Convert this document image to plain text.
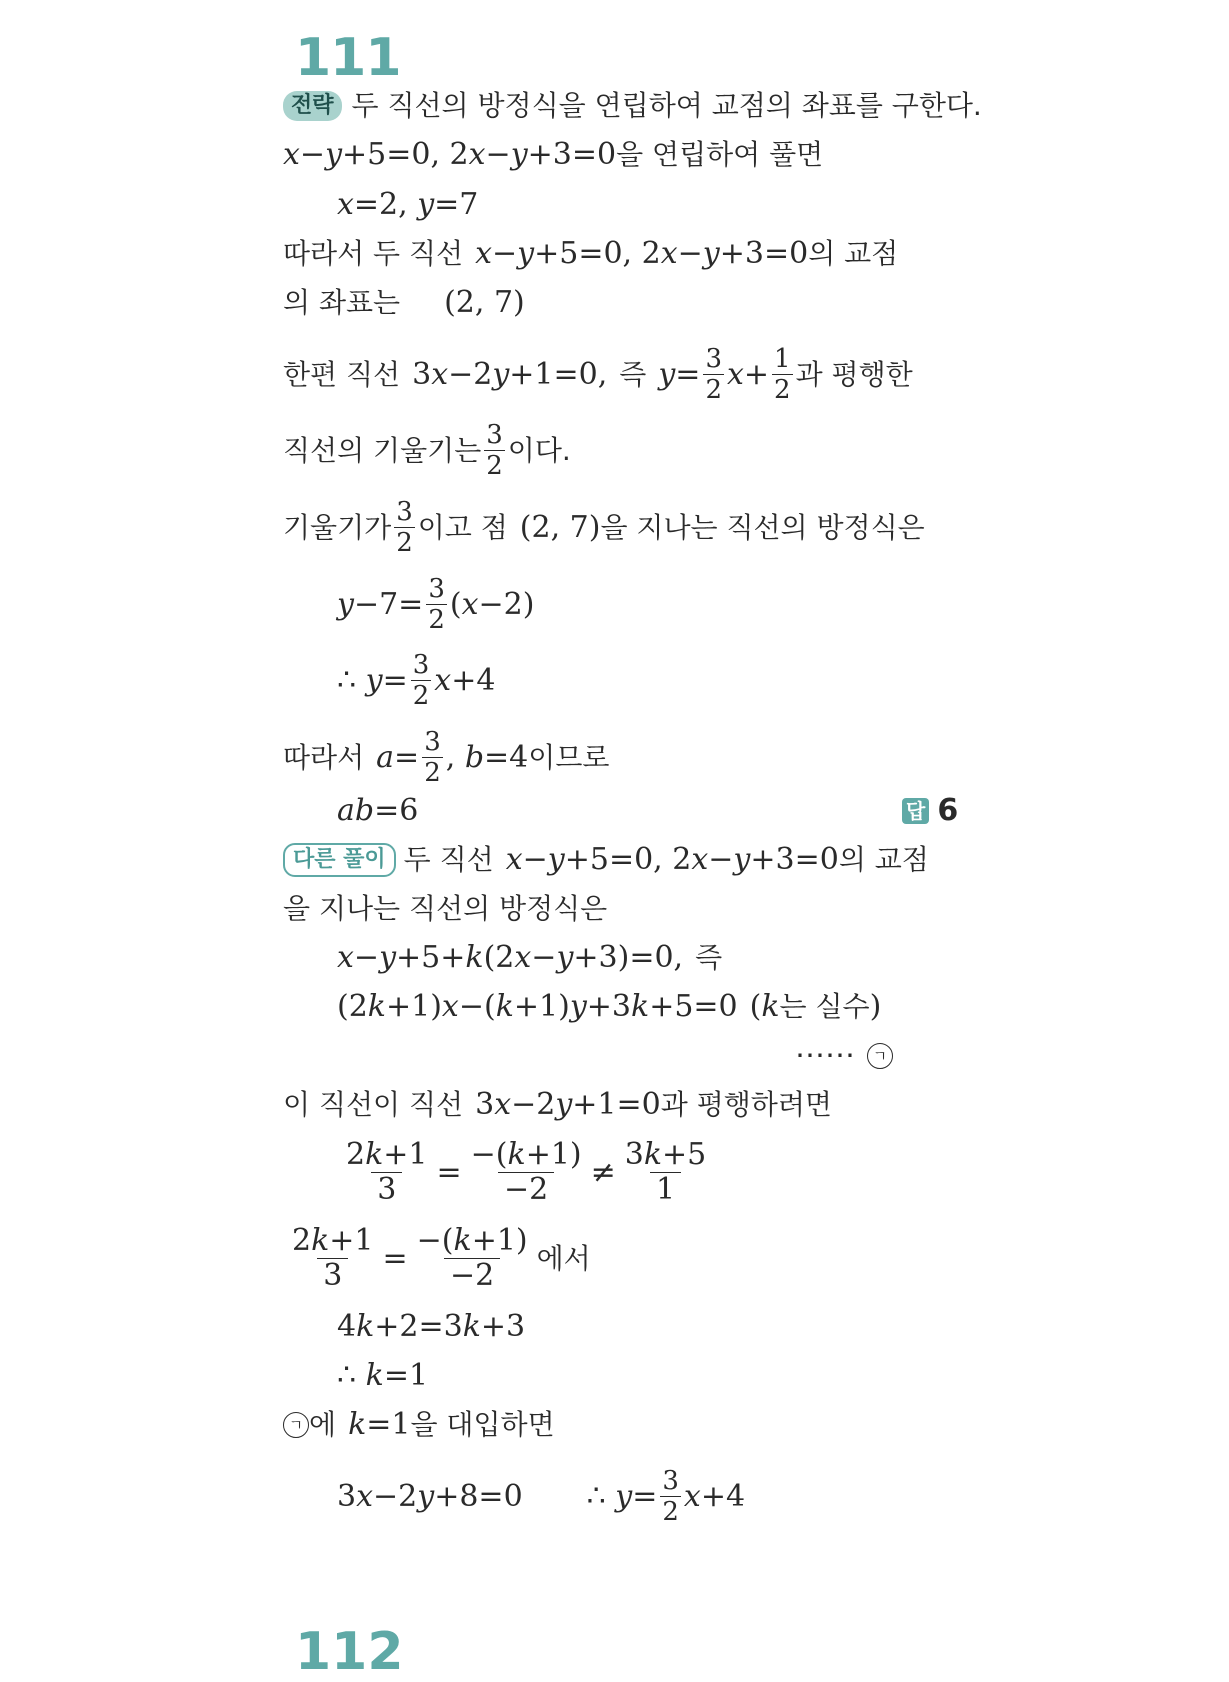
111
전략 두 직선의 방정식을 연립하여 교점의 좌표를 구한다.
x−y+5=0, 2x−y+3=0 을 연립하여 풀면
x=2, y=7
따라서 두 직선 x−y+5=0, 2x−y+3=0 의 교점
의 좌표는 (2, 7)
한편 직선 3x−2y+1=0, 즉 $y= \frac{3}{2} x+ \frac{1}{2}$ 과 평행한
직선의 기울기는 $\frac{3}{2}$ 이다.
기울기가 $\frac{3}{2}$ 이고 점 (2, 7) 을 지나는 직선의 방정식은
$y-7= \frac{3}{2} (x-2)$
∴ $y= \frac{3}{2} x+4$
따라서 $a= \frac{3}{2}$ , b=4 이므로
ab=6	답 6
다른 풀이 두 직선 x−y+5=0, 2x−y+3=0 의 교점
을 지나는 직선의 방정식은
x−y+5+k(2x−y+3)=0, 즉
(2k+1)x−(k+1)y+3k+5=0 (k 는 실수 )
⋯⋯	ㄱ
이 직선이 직선 3x−2y+1=0 과 평행하려면
$\frac{2k+1}{3} = \frac{-(k+1)}{-2} \ne \frac{3k+5}{1}$
$\frac{2k+1}{3} = \frac{-(k+1)}{-2}$ 에서
4k+2=3k+3
∴ k=1
ㄱ 에 k=1 을 대입하면
3x−2y+8=0 ∴ $y= \frac{3}{2} x+4$
112
